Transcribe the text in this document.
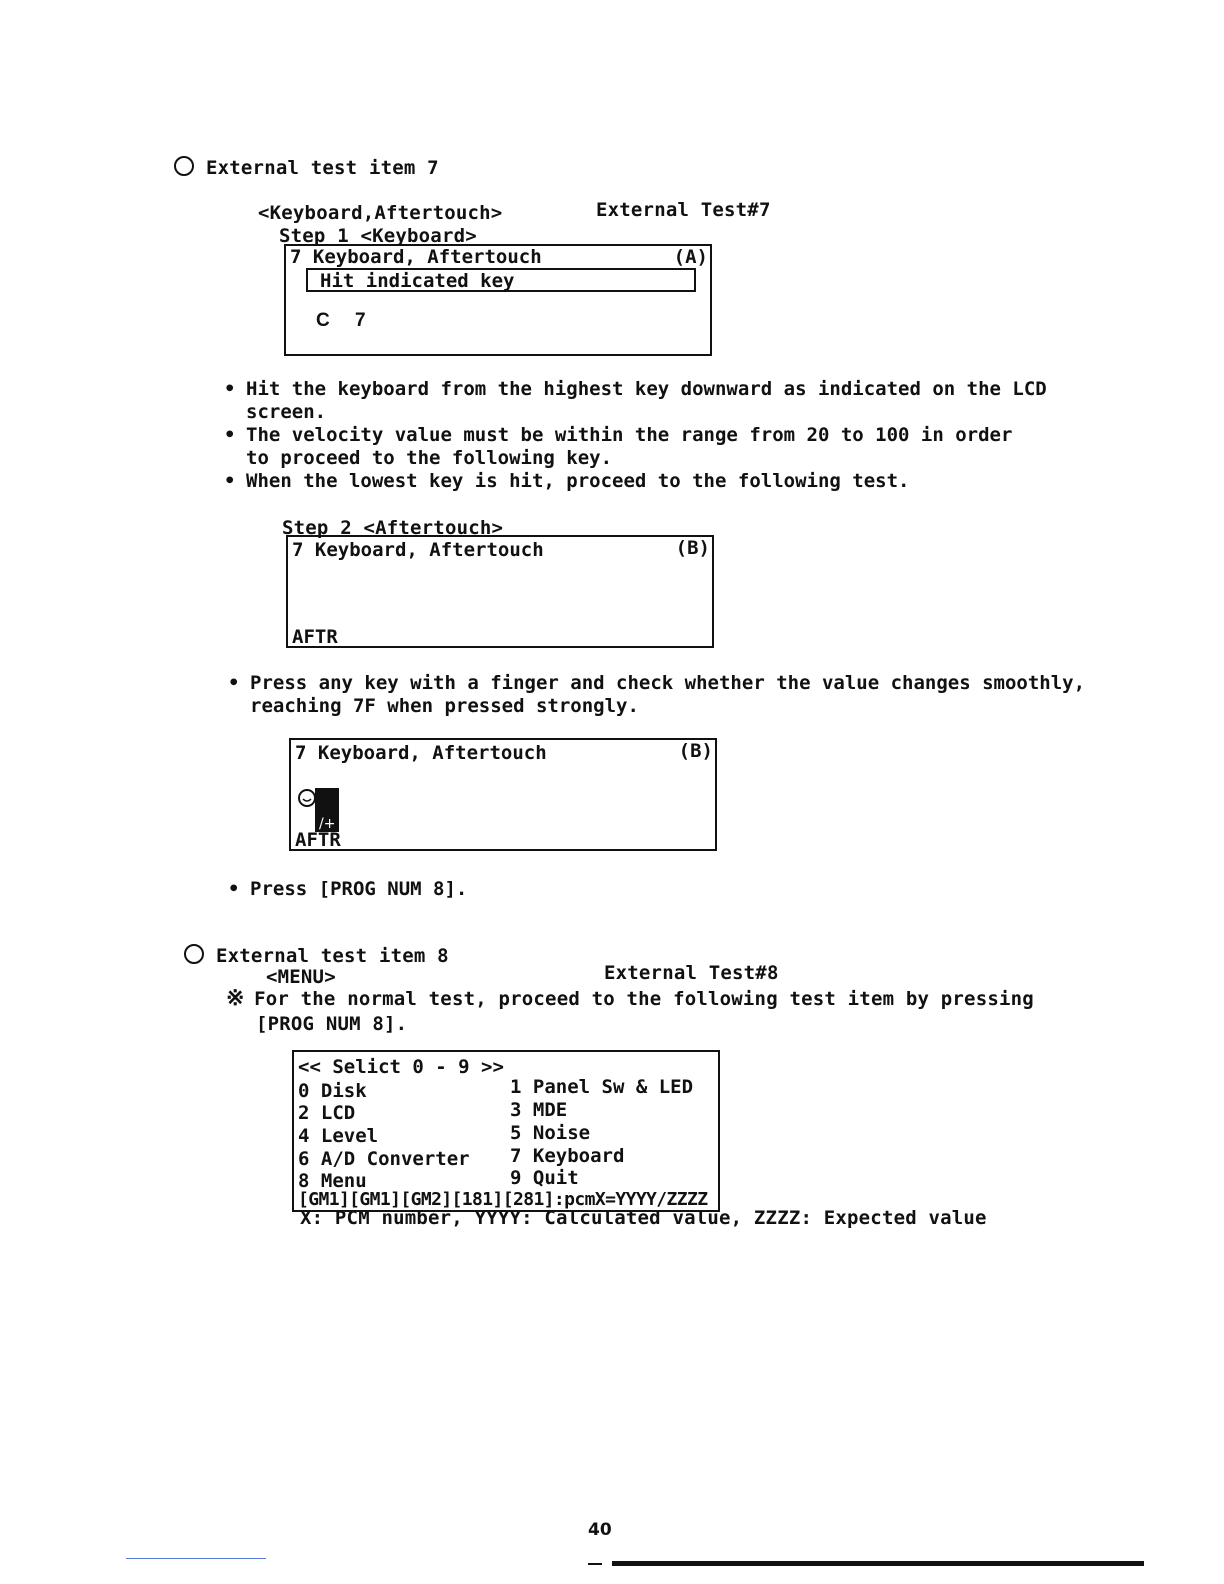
External test item 7
<Keyboard,Aftertouch>	External Test#7
Step 1 <Keyboard>
7 Keyboard, Aftertouch	(A)
Hit indicated key
C 7
• Hit the keyboard from the highest key downward as indicated on the LCD
screen.
• The velocity value must be within the range from 20 to 100 in order
to proceed to the following key.
• When the lowest key is hit, proceed to the following test.
Step 2 <Aftertouch>
7 Keyboard, Aftertouch	(B)
AFTR
• Press any key with a finger and check whether the value changes smoothly,
reaching 7F when pressed strongly.
7 Keyboard, Aftertouch	(B)
/+
AFTR
• Press [PROG NUM 8].
External test item 8
<MENU>	External Test#8
※ For the normal test, proceed to the following test item by pressing
[PROG NUM 8].
<< Selict 0 - 9 >>
0 Disk	1 Panel Sw & LED
2 LCD	3 MDE
4 Level	5 Noise
6 A/D Converter 7 Keyboard
8 Menu	9 Quit
[GM1][GM1][GM2][181][281]:pcmX=YYYY/ZZZZ
X: PCM number, YYYY: Calculated value, ZZZZ: Expected value
40
